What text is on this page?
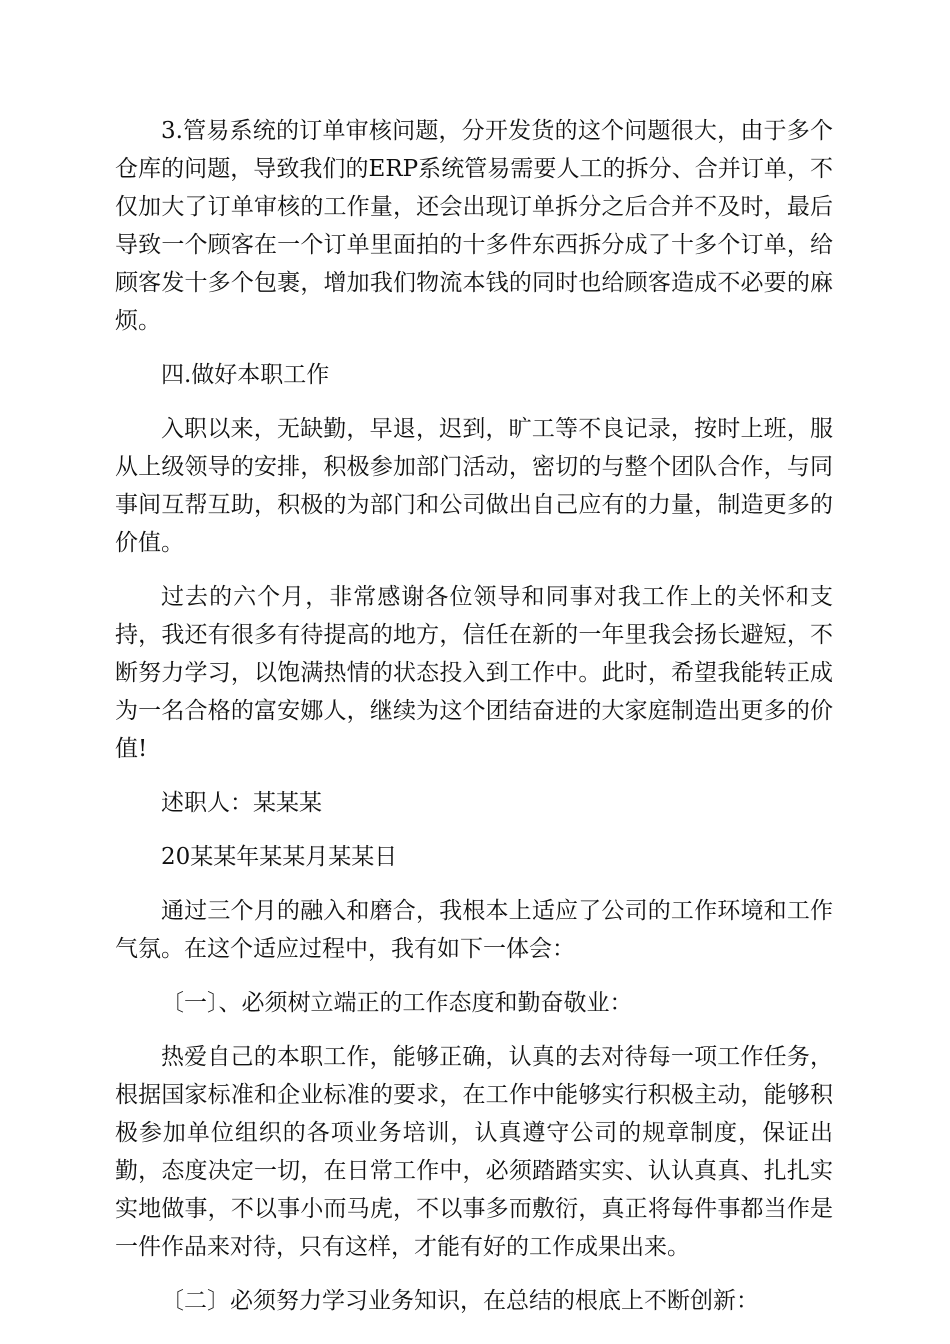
3.管易系统的订单审核问题，分开发货的这个问题很大，由于多个仓库的问题，导致我们的ERP系统管易需要人工的拆分、合并订单，不仅加大了订单审核的工作量，还会出现订单拆分之后合并不及时，最后导致一个顾客在一个订单里面拍的十多件东西拆分成了十多个订单，给顾客发十多个包裹，增加我们物流本钱的同时也给顾客造成不必要的麻烦。

四.做好本职工作

入职以来，无缺勤，早退，迟到，旷工等不良记录，按时上班，服从上级领导的安排，积极参加部门活动，密切的与整个团队合作，与同事间互帮互助，积极的为部门和公司做出自己应有的力量，制造更多的价值。

过去的六个月，非常感谢各位领导和同事对我工作上的关怀和支持，我还有很多有待提高的地方，信任在新的一年里我会扬长避短，不断努力学习，以饱满热情的状态投入到工作中。此时，希望我能转正成为一名合格的富安娜人，继续为这个团结奋进的大家庭制造出更多的价值!

述职人：某某某

20某某年某某月某某日

通过三个月的融入和磨合，我根本上适应了公司的工作环境和工作气氛。在这个适应过程中，我有如下一体会：

〔一〕、必须树立端正的工作态度和勤奋敬业：

热爱自己的本职工作，能够正确，认真的去对待每一项工作任务，根据国家标准和企业标准的要求，在工作中能够实行积极主动，能够积极参加单位组织的各项业务培训，认真遵守公司的规章制度，保证出勤，态度决定一切，在日常工作中，必须踏踏实实、认认真真、扎扎实实地做事，不以事小而马虎，不以事多而敷衍，真正将每件事都当作是一件作品来对待，只有这样，才能有好的工作成果出来。

〔二〕必须努力学习业务知识，在总结的根底上不断创新：
